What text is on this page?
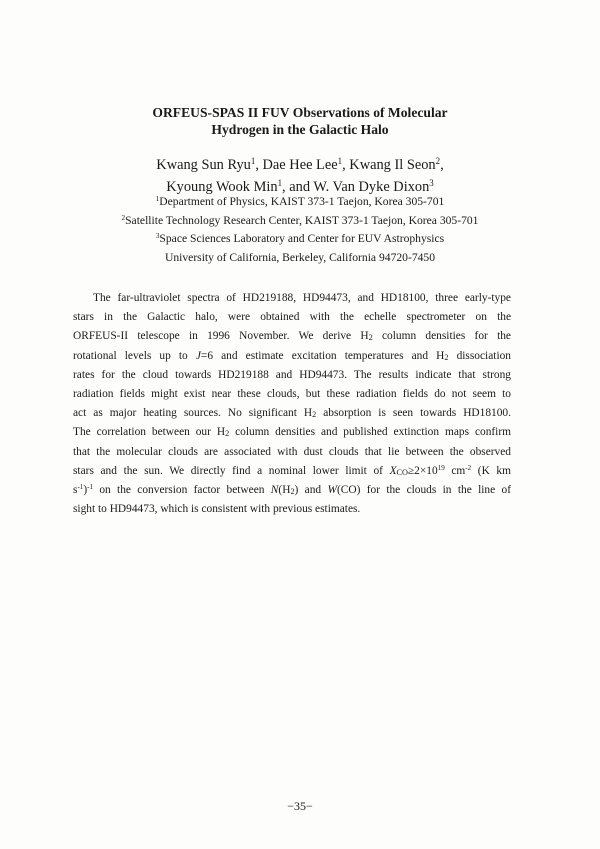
ORFEUS-SPAS II FUV Observations of Molecular
Hydrogen in the Galactic Halo
Kwang Sun Ryu$^1$, Dae Hee Lee$^1$, Kwang Il Seon$^2$,
Kyoung Wook Min$^1$, and W. Van Dyke Dixon$^3$
$^1$Department of Physics, KAIST 373-1 Taejon, Korea 305-701
$^2$Satellite Technology Research Center, KAIST 373-1 Taejon, Korea 305-701
$^3$Space Sciences Laboratory and Center for EUV Astrophysics
University of California, Berkeley, California 94720-7450
The far-ultraviolet spectra of HD219188, HD94473, and HD18100, three early-type
stars in the Galactic halo, were obtained with the echelle spectrometer on the
ORFEUS-II telescope in 1996 November. We derive $H_2$ column densities for the
rotational levels up to J=6 and estimate excitation temperatures and $H_2$ dissociation
rates for the cloud towards HD219188 and HD94473. The results indicate that strong
radiation fields might exist near these clouds, but these radiation fields do not seem to
act as major heating sources. No significant $H_2$ absorption is seen towards HD18100.
The correlation between our $H_2$ column densities and published extinction maps confirm
that the molecular clouds are associated with dust clouds that lie between the observed
stars and the sun. We directly find a nominal lower limit of $X_{CO}\ge 2\times 10^{19}$ $cm^{-2}$ (K km
$s^{-1})^{-1}$ on the conversion factor between $N(H_2)$ and W(CO) for the clouds in the line of
sight to HD94473, which is consistent with previous estimates.
−35−
